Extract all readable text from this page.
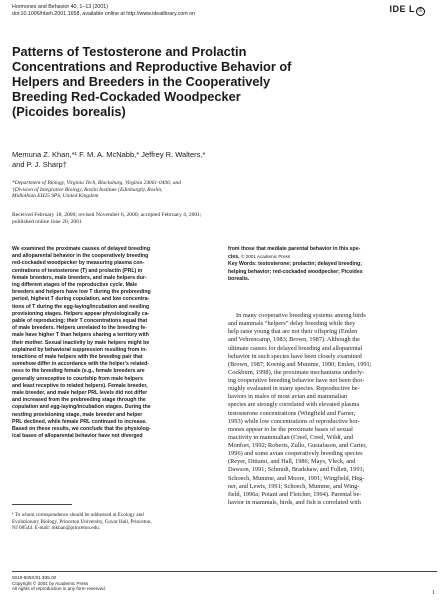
Hormones and Behavior 40, 1–13 (2001)
doi:10.1006/hbeh.2001.1658, available online at http://www.idealibrary.com on	IDE L ®
Patterns of Testosterone and Prolactin
Concentrations and Reproductive Behavior of
Helpers and Breeders in the Cooperatively
Breeding Red-Cockaded Woodpecker
(Picoides borealis)
Memuna Z. Khan,*¹ F. M. A. McNabb,* Jeffrey R. Walters,*
and P. J. Sharp†
*Department of Biology, Virginia Tech, Blacksburg, Virginia 24061-0406; and
†Division of Integrative Biology, Roslin Institute (Edinburgh), Roslin,
Midlothian EH25 9PS, United Kingdom
Received February 18, 2000; revised November 6, 2000; accepted February 4, 2001;
published online June 20, 2001
We examined the proximate causes of delayed breeding
and alloparental behavior in the cooperatively breeding
red-cockaded woodpecker by measuring plasma con-
centrations of testosterone (T) and prolactin (PRL) in
female breeders, male breeders, and male helpers dur-
ing different stages of the reproductive cycle. Male
breeders and helpers have low T during the prebreeding
period, highest T during copulation, and low concentra-
tions of T during the egg-laying/incubation and nestling
provisioning stages. Helpers appear physiologically ca-
pable of reproducing; their T concentrations equal that
of male breeders. Helpers unrelated to the breeding fe-
male have higher T than helpers sharing a territory with
their mother. Sexual inactivity by male helpers might be
explained by behavioral suppression resulting from in-
teractions of male helpers with the breeding pair that
somehow differ in accordance with the helper's related-
ness to the breeding female (e.g., female breeders are
generally unreceptive to courtship from male helpers
and least receptive to related helpers). Female breeder,
male breeder, and male helper PRL levels did not differ
and increased from the prebreeding stage through the
copulation and egg-laying/incubation stages. During the
nestling provisioning stage, male breeder and helper
PRL declined, while female PRL continued to increase.
Based on these results, we conclude that the physiolog-
ical bases of alloparental behavior have not diverged
¹ To whom correspondence should be addressed at Ecology and
Evolutionary Biology, Princeton University, Guyot Hall, Princeton,
NJ 08544. E-mail: mkhan@princeton.edu.
from those that mediate parental behavior in this spe-
cies. © 2001 Academic Press
Key Words: testosterone; prolactin; delayed breeding;
helping behavior; red-cockaded woodpecker; Picoides
borealis.
In many cooperative breeding systems among birds
and mammals “helpers” delay breeding while they
help raise young that are not their offspring (Emlen
and Vehrencamp, 1983; Brown, 1987). Although the
ultimate causes for delayed breeding and alloparental
behavior in such species have been closely examined
(Brown, 1987; Koenig and Mumme, 1990; Emlen, 1991;
Cockburn, 1998), the proximate mechanisms underly-
ing cooperative breeding behavior have not been thor-
oughly evaluated in many species. Reproductive be-
haviors in males of most avian and mammalian
species are strongly correlated with elevated plasma
testosterone concentrations (Wingfield and Farner,
1993) while low concentrations of reproductive hor-
mones appear to be the proximate bases of sexual
inactivity in mammalian (Creel, Creel, Wildt, and
Monfort, 1992; Roberts, Zullo, Gustafason, and Carter,
1996) and some avian cooperatively breeding species
(Reyer, Dittami, and Hall, 1986; Mays, Vleck, and
Dawson, 1991; Schmidt, Bradshaw, and Follett, 1991;
Schoech, Mumme, and Moore, 1991; Wingfield, Heg-
ner, and Lewis, 1991; Schoech, Mumme, and Wing-
field, 1996a; Poiani and Fletcher, 1994). Parental be-
havior in mammals, birds, and fish is correlated with
0018-506X/01 $35.00
Copyright © 2001 by Academic Press
All rights of reproduction in any form reserved.
1
